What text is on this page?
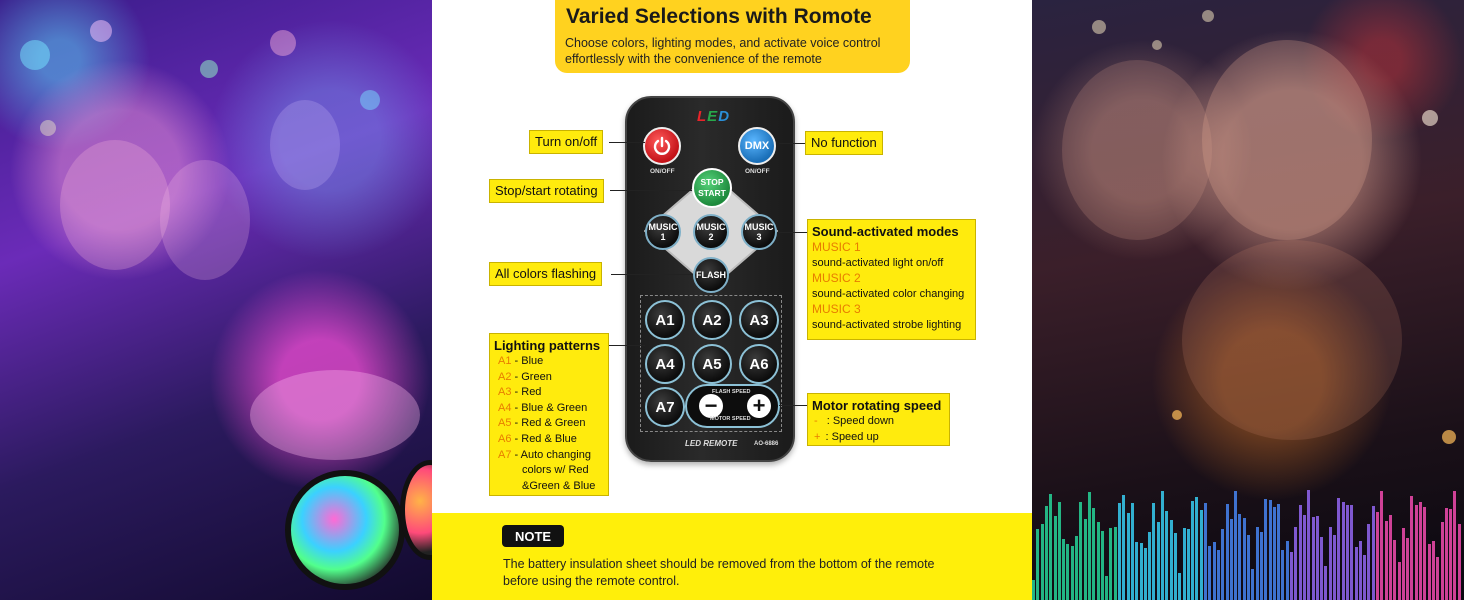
Varied Selections with Romote
Choose colors, lighting modes, and activate voice control effortlessly with the convenience of the remote
LED
ON/OFF
DMX
ON/OFF
STOP START
MUSIC 1
MUSIC 2
MUSIC 3
FLASH
A1 A2 A3
A4 A5 A6
A7
FLASH SPEED
− +
MOTOR SPEED
LED REMOTE	AO-6886
Turn on/off	No function
Stop/start rotating
All colors flashing
Sound-activated modes
MUSIC 1
sound-activated light on/off
MUSIC 2
sound-activated color changing
MUSIC 3
sound-activated strobe lighting
Lighting patterns
A1 - Blue
A2 - Green
A3 - Red
A4 - Blue & Green
A5 - Red & Green
A6 - Red & Blue
A7 - Auto changing
colors w/ Red
&Green & Blue
Motor rotating speed
- : Speed down
+ : Speed up
NOTE
The battery insulation sheet should be removed from the bottom of the remote before using the remote control.
